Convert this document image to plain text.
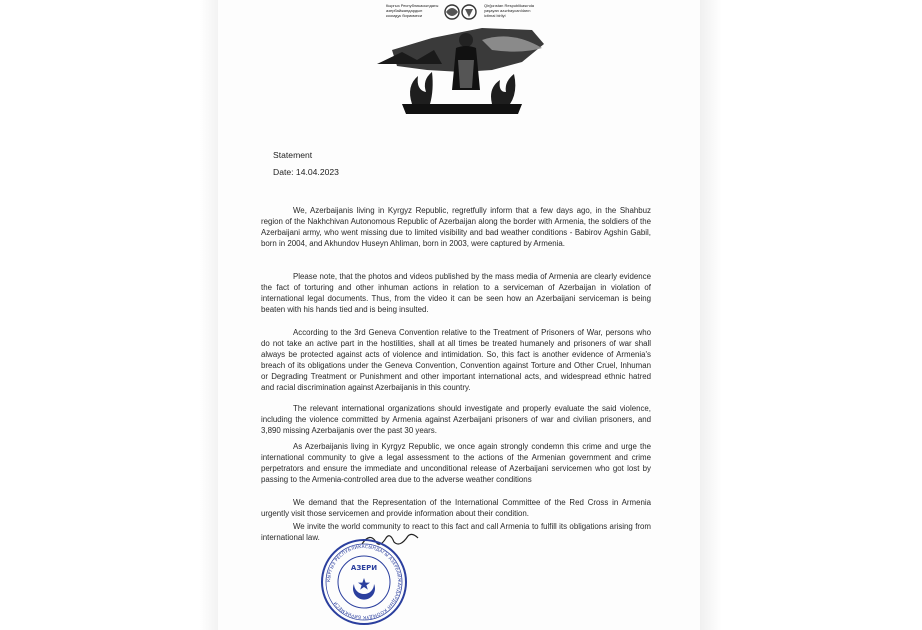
Кыргыз Республикасындагы
азербайжандардын
коомдук бирикмеси
Qirğızıstan Respublikasında
yaşayan azərbaycanlıların
ictimai birliyi
Statement
Date: 14.04.2023

We, Azerbaijanis living in Kyrgyz Republic, regretfully inform that a few days ago, in the Shahbuz region of the Nakhchivan Autonomous Republic of Azerbaijan along the border with Armenia, the soldiers of the Azerbaijani army, who went missing due to limited visibility and bad weather conditions - Babirov Agshin Gabil, born in 2004, and Akhundov Huseyn Ahliman, born in 2003, were captured by Armenia.

Please note, that the photos and videos published by the mass media of Armenia are clearly evidence the fact of torturing and other inhuman actions in relation to a serviceman of Azerbaijan in violation of international legal documents. Thus, from the video it can be seen how an Azerbaijani serviceman is being beaten with his hands tied and is being insulted.

According to the 3rd Geneva Convention relative to the Treatment of Prisoners of War, persons who do not take an active part in the hostilities, shall at all times be treated humanely and prisoners of war shall always be protected against acts of violence and intimidation. So, this fact is another evidence of Armenia's breach of its obligations under the Geneva Convention, Convention against Torture and Other Cruel, Inhuman or Degrading Treatment or Punishment and other important international acts, and widespread ethnic hatred and racial discrimination against Azerbaijanis in this country.

The relevant international organizations should investigate and properly evaluate the said violence, including the violence committed by Armenia against Azerbaijani prisoners of war and civilian prisoners, and 3,890 missing Azerbaijanis over the past 30 years.

As Azerbaijanis living in Kyrgyz Republic, we once again strongly condemn this crime and urge the international community to give a legal assessment to the actions of the Armenian government and crime perpetrators and ensure the immediate and unconditional release of Azerbaijani servicemen who got lost by passing to the Armenia-controlled area due to the adverse weather conditions

We demand that the Representation of the International Committee of the Red Cross in Armenia urgently visit those servicemen and provide information about their condition.

We invite the world community to react to this fact and call Armenia to fulfill its obligations arising from international law.

КЫРГЫЗ РЕСПУБЛИКАСЫНДАГЫ АЗЕРБАЙЖАНДАРДЫН КООМДУК БИРИКМЕСИ
АЗЕРИ
